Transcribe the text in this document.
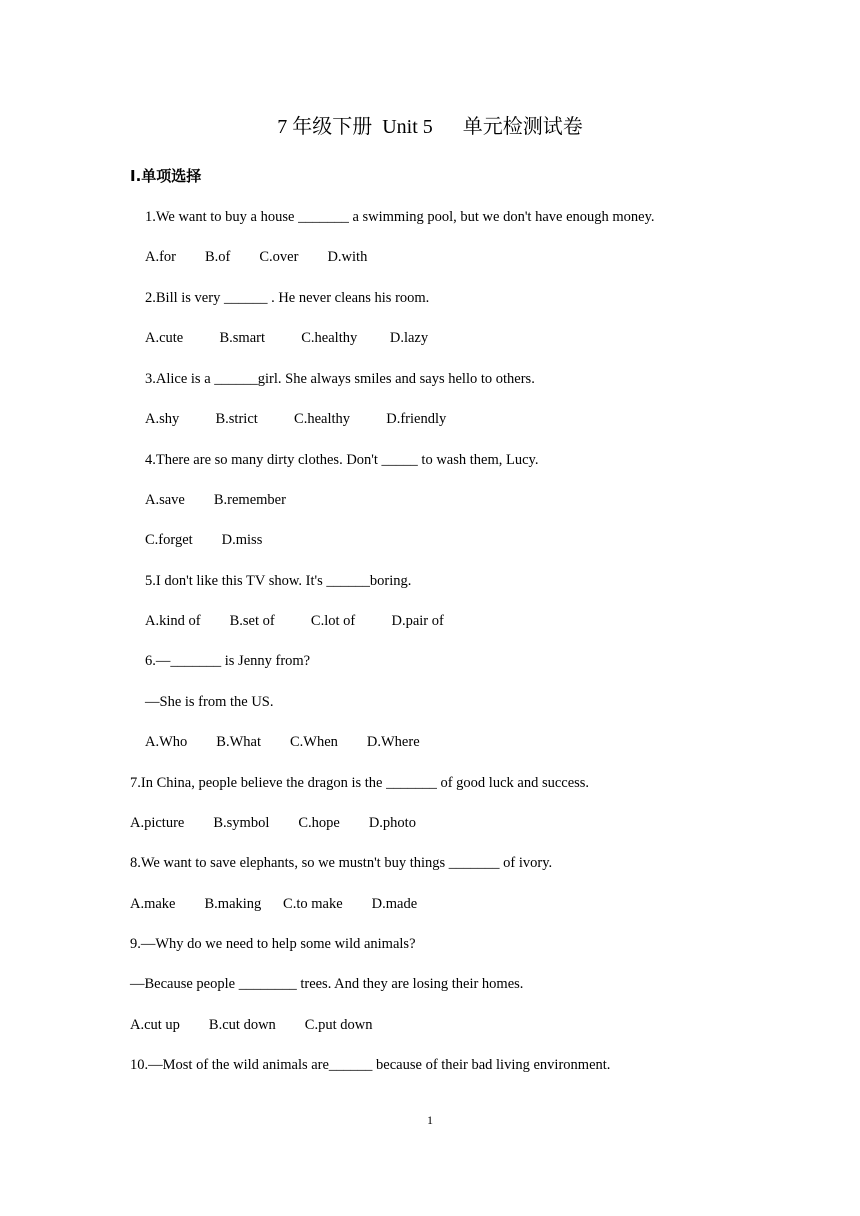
7 年级下册  Unit 5      单元检测试卷
I.单项选择
1.We want to buy a house _______ a swimming pool, but we don't have enough money.
A.for        B.of        C.over        D.with
2.Bill is very ______ . He never cleans his room.
A.cute          B.smart          C.healthy         D.lazy
3.Alice is a ______girl. She always smiles and says hello to others.
A.shy          B.strict          C.healthy          D.friendly
4.There are so many dirty clothes. Don't _____ to wash them, Lucy.
A.save        B.remember
C.forget        D.miss
5.I don't like this TV show. It's ______boring.
A.kind of        B.set of          C.lot of          D.pair of
6.—_______ is Jenny from?
—She is from the US.
A.Who        B.What        C.When        D.Where
7.In China, people believe the dragon is the _______ of good luck and success.
A.picture        B.symbol        C.hope        D.photo
8.We want to save elephants, so we mustn't buy things _______ of ivory.
A.make        B.making      C.to make        D.made
9.—Why do we need to help some wild animals?
—Because people ________ trees. And they are losing their homes.
A.cut up        B.cut down        C.put down
10.—Most of the wild animals are______ because of their bad living environment.
1
